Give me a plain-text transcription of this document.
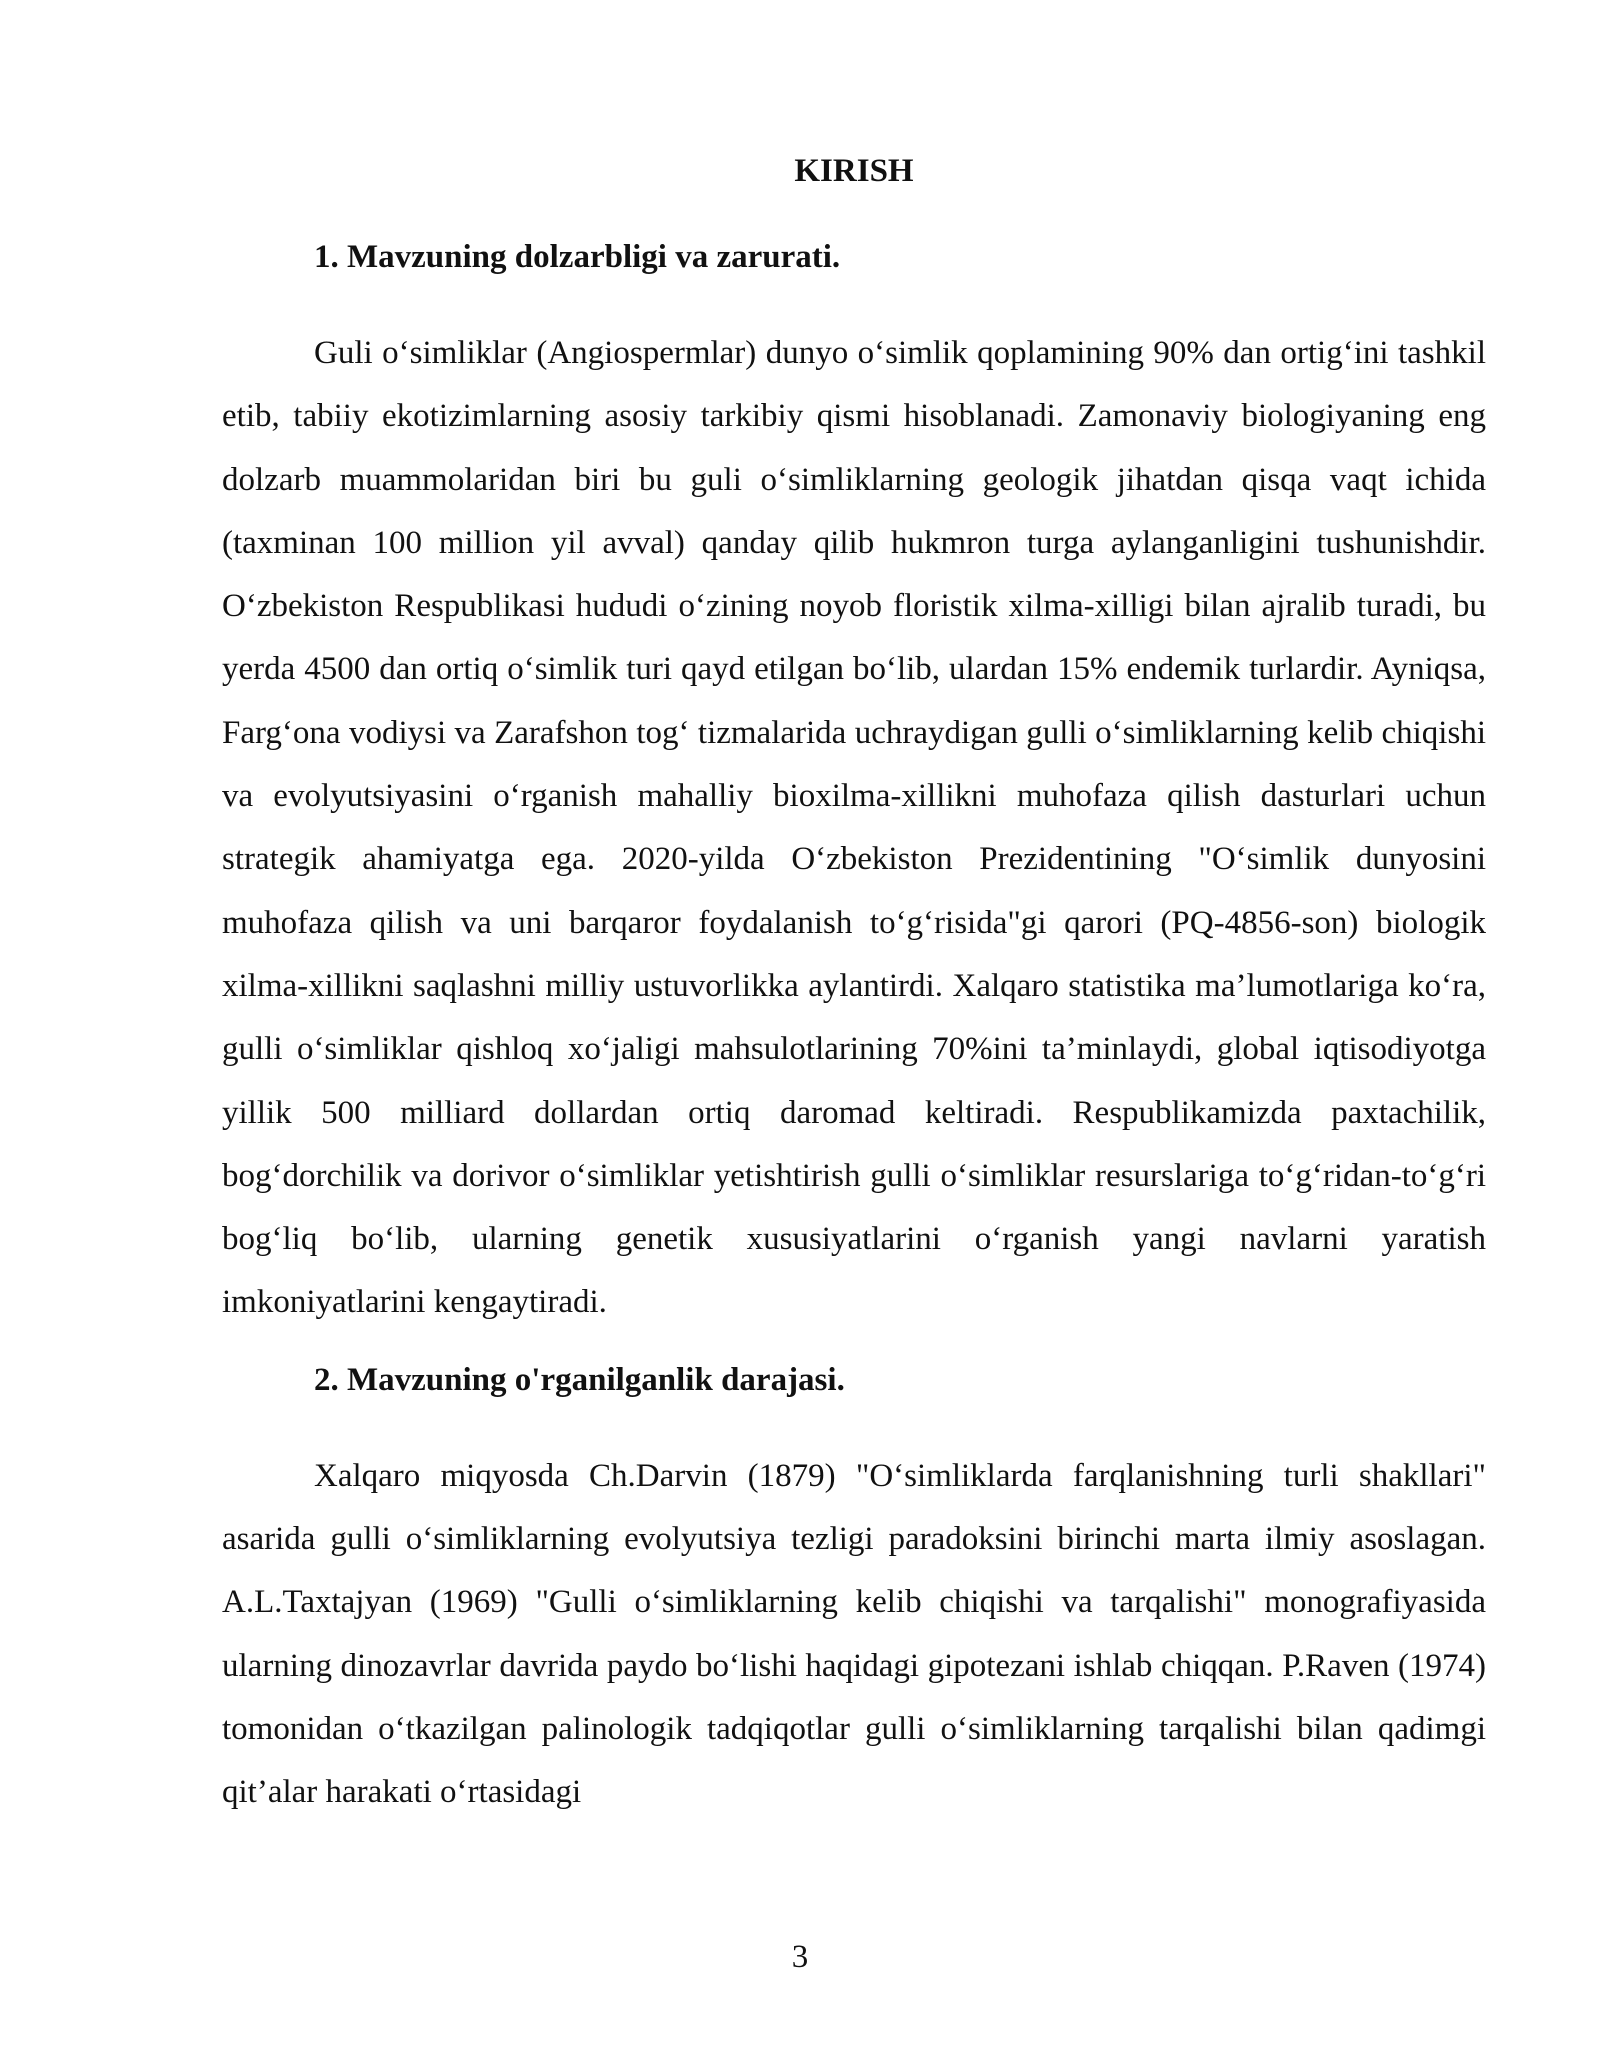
KIRISH
1. Mavzuning dolzarbligi va zarurati.

Guli o‘simliklar (Angiospermlar) dunyo o‘simlik qoplamining 90% dan ortig‘ini tashkil etib, tabiiy ekotizimlarning asosiy tarkibiy qismi hisoblanadi. Zamonaviy biologiyaning eng dolzarb muammolaridan biri bu guli o‘simliklarning geologik jihatdan qisqa vaqt ichida (taxminan 100 million yil avval) qanday qilib hukmron turga aylanganligini tushunishdir. O‘zbekiston Respublikasi hududi o‘zining noyob floristik xilma-xilligi bilan ajralib turadi, bu yerda 4500 dan ortiq o‘simlik turi qayd etilgan bo‘lib, ulardan 15% endemik turlardir. Ayniqsa, Farg‘ona vodiysi va Zarafshon tog‘ tizmalarida uchraydigan gulli o‘simliklarning kelib chiqishi va evolyutsiyasini o‘rganish mahalliy bioxilma-xillikni muhofaza qilish dasturlari uchun strategik ahamiyatga ega. 2020-yilda O‘zbekiston Prezidentining "O‘simlik dunyosini muhofaza qilish va uni barqaror foydalanish to‘g‘risida"gi qarori (PQ-4856-son) biologik xilma-xillikni saqlashni milliy ustuvorlikka aylantirdi. Xalqaro statistika ma’lumotlariga ko‘ra, gulli o‘simliklar qishloq xo‘jaligi mahsulotlarining 70%ini ta’minlaydi, global iqtisodiyotga yillik 500 milliard dollardan ortiq daromad keltiradi. Respublikamizda paxtachilik, bog‘dorchilik va dorivor o‘simliklar yetishtirish gulli o‘simliklar resurslariga to‘g‘ridan-to‘g‘ri bog‘liq bo‘lib, ularning genetik xususiyatlarini o‘rganish yangi navlarni yaratish imkoniyatlarini kengaytiradi.

2. Mavzuning o'rganilganlik darajasi.

Xalqaro miqyosda Ch.Darvin (1879) "O‘simliklarda farqlanishning turli shakllari" asarida gulli o‘simliklarning evolyutsiya tezligi paradoksini birinchi marta ilmiy asoslagan. A.L.Taxtajyan (1969) "Gulli o‘simliklarning kelib chiqishi va tarqalishi" monografiyasida ularning dinozavrlar davrida paydo bo‘lishi haqidagi gipotezani ishlab chiqqan. P.Raven (1974) tomonidan o‘tkazilgan palinologik tadqiqotlar gulli o‘simliklarning tarqalishi bilan qadimgi qit’alar harakati o‘rtasidagi

3
